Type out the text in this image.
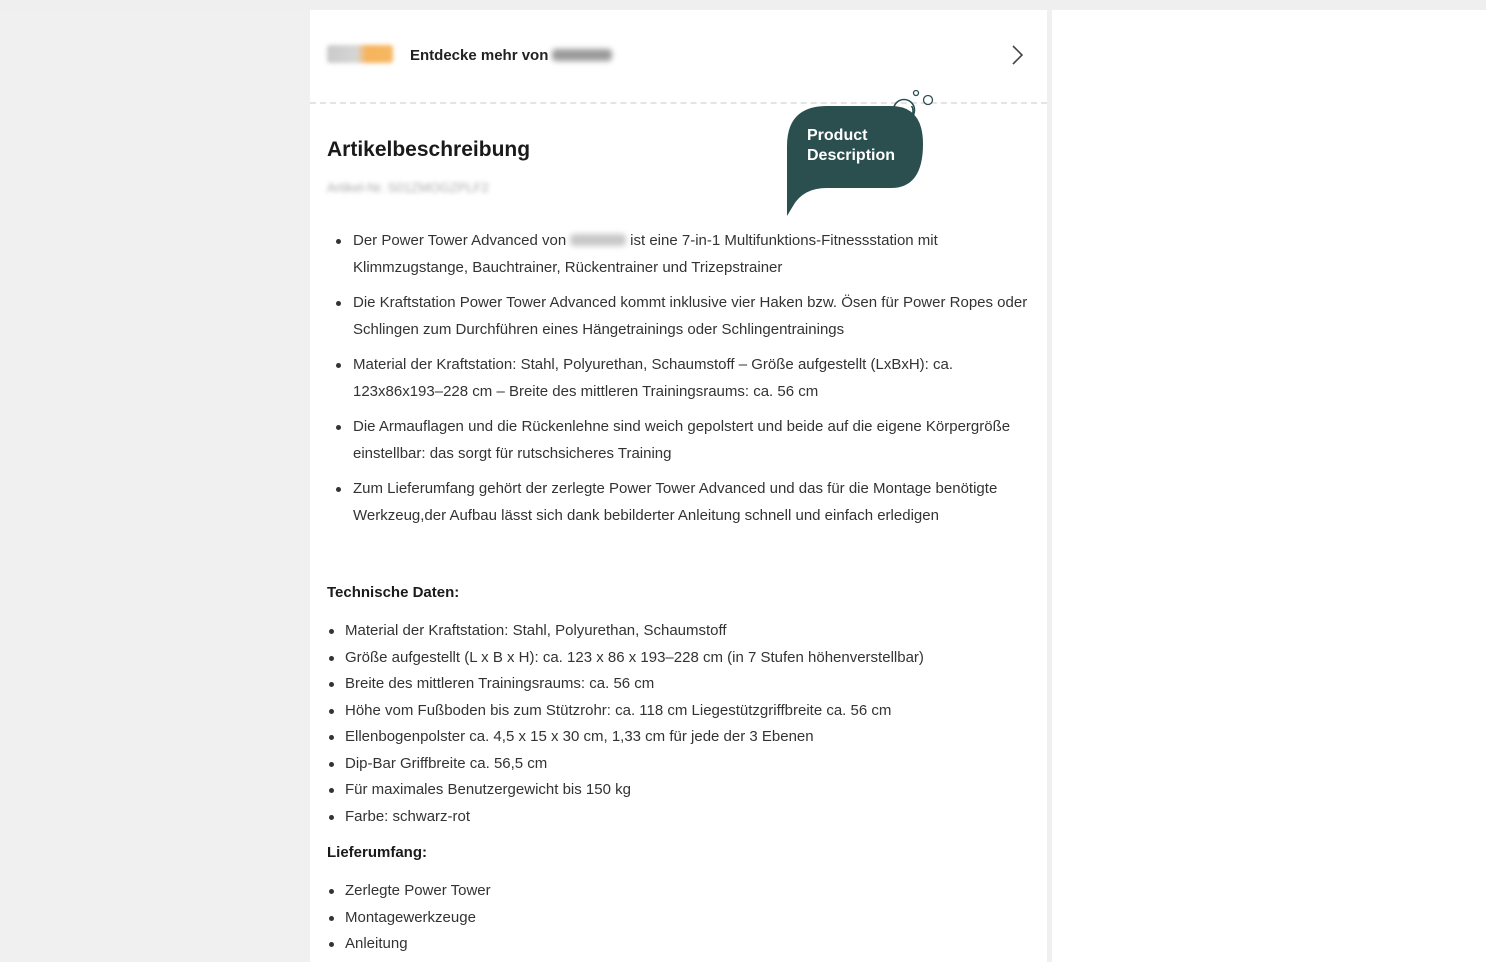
Entdecke mehr von
Artikelbeschreibung
Artikel-Nr. S01ZMOGZPLF2
Der Power Tower Advanced von	ist eine 7-in-1 Multifunktions-Fitnessstation mit Klimmzugstange, Bauchtrainer, Rückentrainer und Trizepstrainer
Die Kraftstation Power Tower Advanced kommt inklusive vier Haken bzw. Ösen für Power Ropes oder Schlingen zum Durchführen eines Hängetrainings oder Schlingentrainings
Material der Kraftstation: Stahl, Polyurethan, Schaumstoff – Größe aufgestellt (LxBxH): ca. 123x86x193–228 cm – Breite des mittleren Trainingsraums: ca. 56 cm
Die Armauflagen und die Rückenlehne sind weich gepolstert und beide auf die eigene Körpergröße einstellbar: das sorgt für rutschsicheres Training
Zum Lieferumfang gehört der zerlegte Power Tower Advanced und das für die Montage benötigte Werkzeug,der Aufbau lässt sich dank bebilderter Anleitung schnell und einfach erledigen
Technische Daten:
Material der Kraftstation: Stahl, Polyurethan, Schaumstoff
Größe aufgestellt (L x B x H): ca. 123 x 86 x 193–228 cm (in 7 Stufen höhenverstellbar)
Breite des mittleren Trainingsraums: ca. 56 cm
Höhe vom Fußboden bis zum Stützrohr: ca. 118 cm Liegestützgriffbreite ca. 56 cm
Ellenbogenpolster ca. 4,5 x 15 x 30 cm, 1,33 cm für jede der 3 Ebenen
Dip-Bar Griffbreite ca. 56,5 cm
Für maximales Benutzergewicht bis 150 kg
Farbe: schwarz-rot
Lieferumfang:
Zerlegte Power Tower
Montagewerkzeuge
Anleitung
Product
Description
